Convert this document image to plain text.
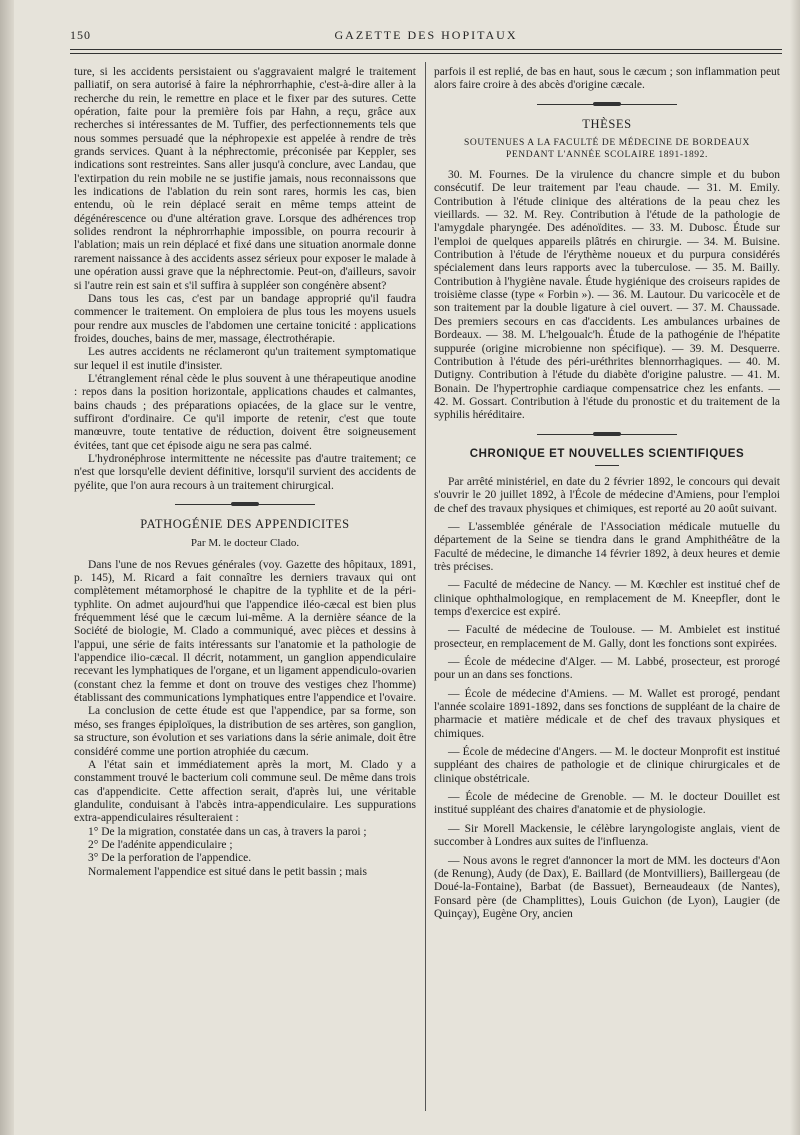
150	GAZETTE DES HOPITAUX

ture, si les accidents persistaient ou s'aggravaient malgré le traitement palliatif, on sera autorisé à faire la néphrorrhaphie, c'est-à-dire aller à la recherche du rein, le remettre en place et le fixer par des sutures. Cette opération, faite pour la première fois par Hahn, a reçu, grâce aux recherches si intéressantes de M. Tuffier, des perfectionnements tels que nous sommes persuadé que la néphropexie est appelée à rendre de très grands services. Quant à la néphrectomie, préconisée par Keppler, ses indications sont restreintes. Sans aller jusqu'à conclure, avec Landau, que l'extirpation du rein mobile ne se justifie jamais, nous reconnaissons que les indications de l'ablation du rein sont rares, hormis les cas, bien entendu, où le rein déplacé serait en même temps atteint de dégénérescence ou d'une altération grave. Lorsque des adhérences trop solides rendront la néphrorrhaphie impossible, on pourra recourir à l'ablation; mais un rein déplacé et fixé dans une situation anormale donne rarement naissance à des accidents assez sérieux pour exposer le malade à une opération aussi grave que la néphrectomie. Peut-on, d'ailleurs, savoir si l'autre rein est sain et s'il suffira à suppléer son congénère absent?

Dans tous les cas, c'est par un bandage approprié qu'il faudra commencer le traitement. On emploiera de plus tous les moyens usuels pour rendre aux muscles de l'abdomen une certaine tonicité : applications froides, douches, bains de mer, massage, électrothérapie.

Les autres accidents ne réclameront qu'un traitement symptomatique sur lequel il est inutile d'insister.

L'étranglement rénal cède le plus souvent à une thérapeutique anodine : repos dans la position horizontale, applications chaudes et calmantes, bains chauds ; des préparations opiacées, de la glace sur le ventre, suffiront d'ordinaire. Ce qu'il importe de retenir, c'est que toute manœuvre, toute tentative de réduction, doivent être soigneusement évitées, tant que cet épisode aigu ne sera pas calmé.

L'hydronéphrose intermittente ne nécessite pas d'autre traitement; ce n'est que lorsqu'elle devient définitive, lorsqu'il survient des accidents de pyélite, que l'on aura recours à un traitement chirurgical.

PATHOGÉNIE DES APPENDICITES
Par M. le docteur Clado.

Dans l'une de nos Revues générales (voy. Gazette des hôpitaux, 1891, p. 145), M. Ricard a fait connaître les derniers travaux qui ont complètement métamorphosé le chapitre de la typhlite et de la péri-typhlite. On admet aujourd'hui que l'appendice iléo-cæcal est bien plus fréquemment lésé que le cæcum lui-même. A la dernière séance de la Société de biologie, M. Clado a communiqué, avec pièces et dessins à l'appui, une série de faits intéressants sur l'anatomie et la pathologie de l'appendice ilio-cæcal. Il décrit, notamment, un ganglion appendiculaire recevant les lymphatiques de l'organe, et un ligament appendiculo-ovarien (constant chez la femme et dont on trouve des vestiges chez l'homme) établissant des communications lymphatiques entre l'appendice et l'ovaire.

La conclusion de cette étude est que l'appendice, par sa forme, son méso, ses franges épiploïques, la distribution de ses artères, son ganglion, sa structure, son évolution et ses variations dans la série animale, doit être considéré comme une portion atrophiée du cæcum.

A l'état sain et immédiatement après la mort, M. Clado y a constamment trouvé le bacterium coli commune seul. De même dans trois cas d'appendicite. Cette affection serait, d'après lui, une véritable glandulite, conduisant à l'abcès intra-appendiculaire. Les suppurations extra-appendiculaires résulteraient :

1° De la migration, constatée dans un cas, à travers la paroi ;

2° De l'adénite appendiculaire ;

3° De la perforation de l'appendice.

Normalement l'appendice est situé dans le petit bassin ; mais

parfois il est replié, de bas en haut, sous le cæcum ; son inflammation peut alors faire croire à des abcès d'origine cæcale.

THÈSES
SOUTENUES A LA FACULTÉ DE MÉDECINE DE BORDEAUX
PENDANT L'ANNÉE SCOLAIRE 1891-1892.

30. M. Fournes. De la virulence du chancre simple et du bubon consécutif. De leur traitement par l'eau chaude. — 31. M. Emily. Contribution à l'étude clinique des altérations de la peau chez les vieillards. — 32. M. Rey. Contribution à l'étude de la pathologie de l'amygdale pharyngée. Des adénoïdites. — 33. M. Dubosc. Étude sur l'emploi de quelques appareils plâtrés en chirurgie. — 34. M. Buisine. Contribution à l'étude de l'érythème noueux et du purpura considérés spécialement dans leurs rapports avec la tuberculose. — 35. M. Bailly. Contribution à l'hygiène navale. Étude hygiénique des croiseurs rapides de troisième classe (type « Forbin »). — 36. M. Lautour. Du varicocèle et de son traitement par la double ligature à ciel ouvert. — 37. M. Chaussade. Des premiers secours en cas d'accidents. Les ambulances urbaines de Bordeaux. — 38. M. L'helgoualc'h. Étude de la pathogénie de l'hépatite suppurée (origine microbienne non spécifique). — 39. M. Desquerre. Contribution à l'étude des péri-uréthrites blennorrhagiques. — 40. M. Dutigny. Contribution à l'étude du diabète d'origine palustre. — 41. M. Bonain. De l'hypertrophie cardiaque compensatrice chez les enfants. — 42. M. Gossart. Contribution à l'étude du pronostic et du traitement de la syphilis héréditaire.

CHRONIQUE ET NOUVELLES SCIENTIFIQUES

Par arrêté ministériel, en date du 2 février 1892, le concours qui devait s'ouvrir le 20 juillet 1892, à l'École de médecine d'Amiens, pour l'emploi de chef des travaux physiques et chimiques, est reporté au 20 août suivant.

— L'assemblée générale de l'Association médicale mutuelle du département de la Seine se tiendra dans le grand Amphithéâtre de la Faculté de médecine, le dimanche 14 février 1892, à deux heures et demie très précises.

— Faculté de médecine de Nancy. — M. Kœchler est institué chef de clinique ophthalmologique, en remplacement de M. Kneepfler, dont le temps d'exercice est expiré.

— Faculté de médecine de Toulouse. — M. Ambielet est institué prosecteur, en remplacement de M. Gally, dont les fonctions sont expirées.

— École de médecine d'Alger. — M. Labbé, prosecteur, est prorogé pour un an dans ses fonctions.

— École de médecine d'Amiens. — M. Wallet est prorogé, pendant l'année scolaire 1891-1892, dans ses fonctions de suppléant de la chaire de pharmacie et matière médicale et de chef des travaux physiques et chimiques.

— École de médecine d'Angers. — M. le docteur Monprofit est institué suppléant des chaires de pathologie et de clinique chirurgicales et de clinique obstétricale.

— École de médecine de Grenoble. — M. le docteur Douillet est institué suppléant des chaires d'anatomie et de physiologie.

— Sir Morell Mackensie, le célèbre laryngologiste anglais, vient de succomber à Londres aux suites de l'influenza.

— Nous avons le regret d'annoncer la mort de MM. les docteurs d'Aon (de Renung), Audy (de Dax), E. Baillard (de Montvilliers), Baillergeau (de Doué-la-Fontaine), Barbat (de Bassuet), Berneaudeaux (de Nantes), Fonsard père (de Champlittes), Louis Guichon (de Lyon), Laugier (de Quinçay), Eugène Ory, ancien
